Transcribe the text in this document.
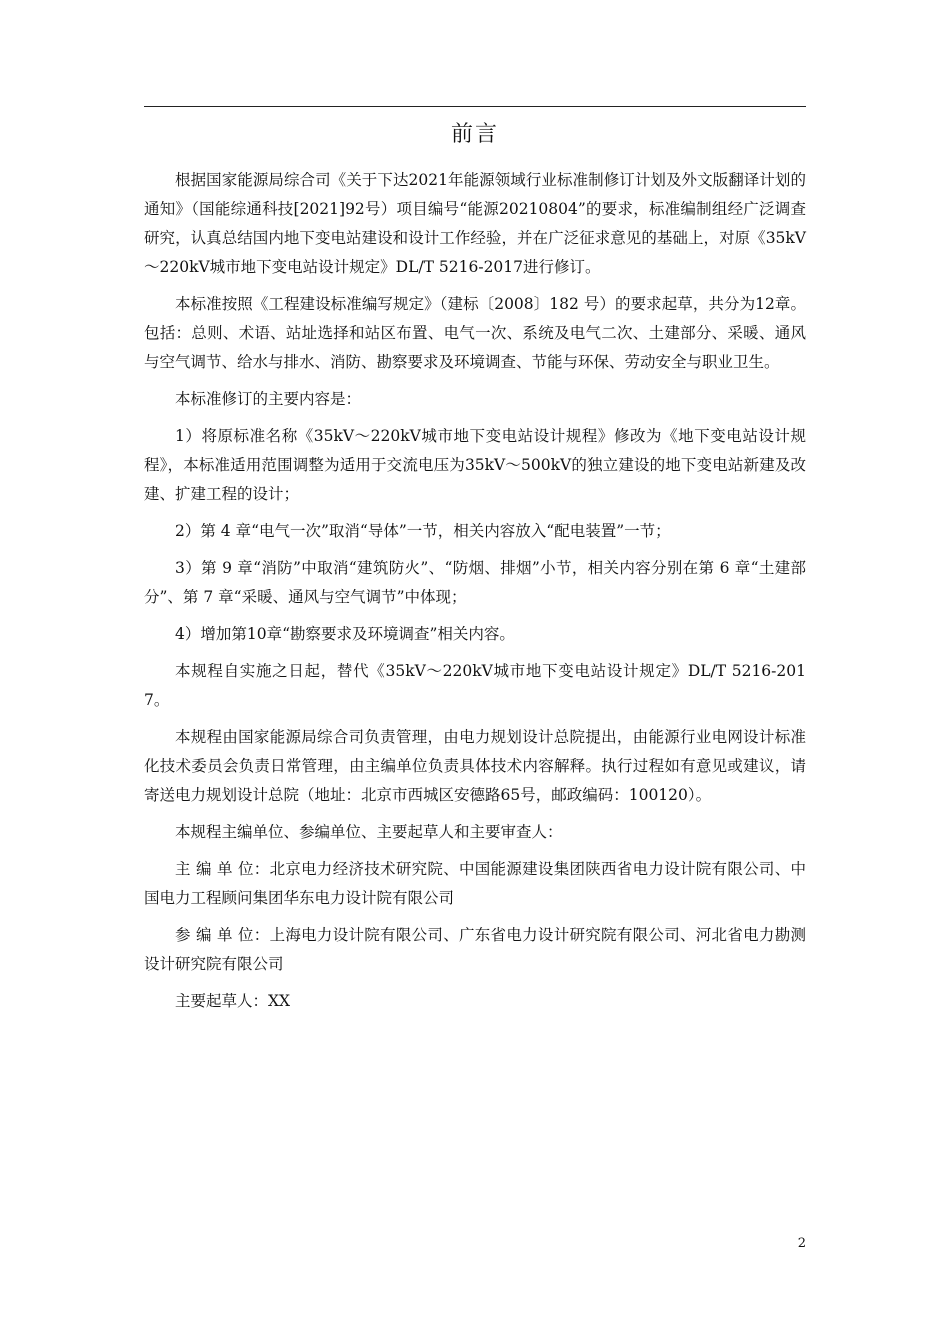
前言

根据国家能源局综合司《关于下达2021年能源领域行业标准制修订计划及外文版翻译计划的通知》（国能综通科技[2021]92号）项目编号“能源20210804”的要求，标准编制组经广泛调查研究，认真总结国内地下变电站建设和设计工作经验，并在广泛征求意见的基础上，对原《35kV～220kV城市地下变电站设计规定》DL/T 5216-2017进行修订。

本标准按照《工程建设标准编写规定》（建标〔2008〕182 号）的要求起草，共分为12章。包括：总则、术语、站址选择和站区布置、电气一次、系统及电气二次、土建部分、采暖、通风与空气调节、给水与排水、消防、勘察要求及环境调查、节能与环保、劳动安全与职业卫生。

本标准修订的主要内容是：

1）将原标准名称《35kV～220kV城市地下变电站设计规程》修改为《地下变电站设计规程》，本标准适用范围调整为适用于交流电压为35kV～500kV的独立建设的地下变电站新建及改建、扩建工程的设计；

2）第 4 章“电气一次”取消“导体”一节，相关内容放入“配电装置”一节；

3）第 9 章“消防”中取消“建筑防火”、“防烟、排烟”小节，相关内容分别在第 6 章“土建部分”、第 7 章“采暖、通风与空气调节”中体现；

4）增加第10章“勘察要求及环境调查”相关内容。

本规程自实施之日起，替代《35kV～220kV城市地下变电站设计规定》DL/T 5216-2017。

本规程由国家能源局综合司负责管理，由电力规划设计总院提出，由能源行业电网设计标准化技术委员会负责日常管理，由主编单位负责具体技术内容解释。执行过程如有意见或建议，请寄送电力规划设计总院（地址：北京市西城区安德路65号，邮政编码：100120）。

本规程主编单位、参编单位、主要起草人和主要审查人：

主 编 单 位：北京电力经济技术研究院、中国能源建设集团陕西省电力设计院有限公司、中国电力工程顾问集团华东电力设计院有限公司

参 编 单 位：上海电力设计院有限公司、广东省电力设计研究院有限公司、河北省电力勘测设计研究院有限公司

主要起草人：XX

2
